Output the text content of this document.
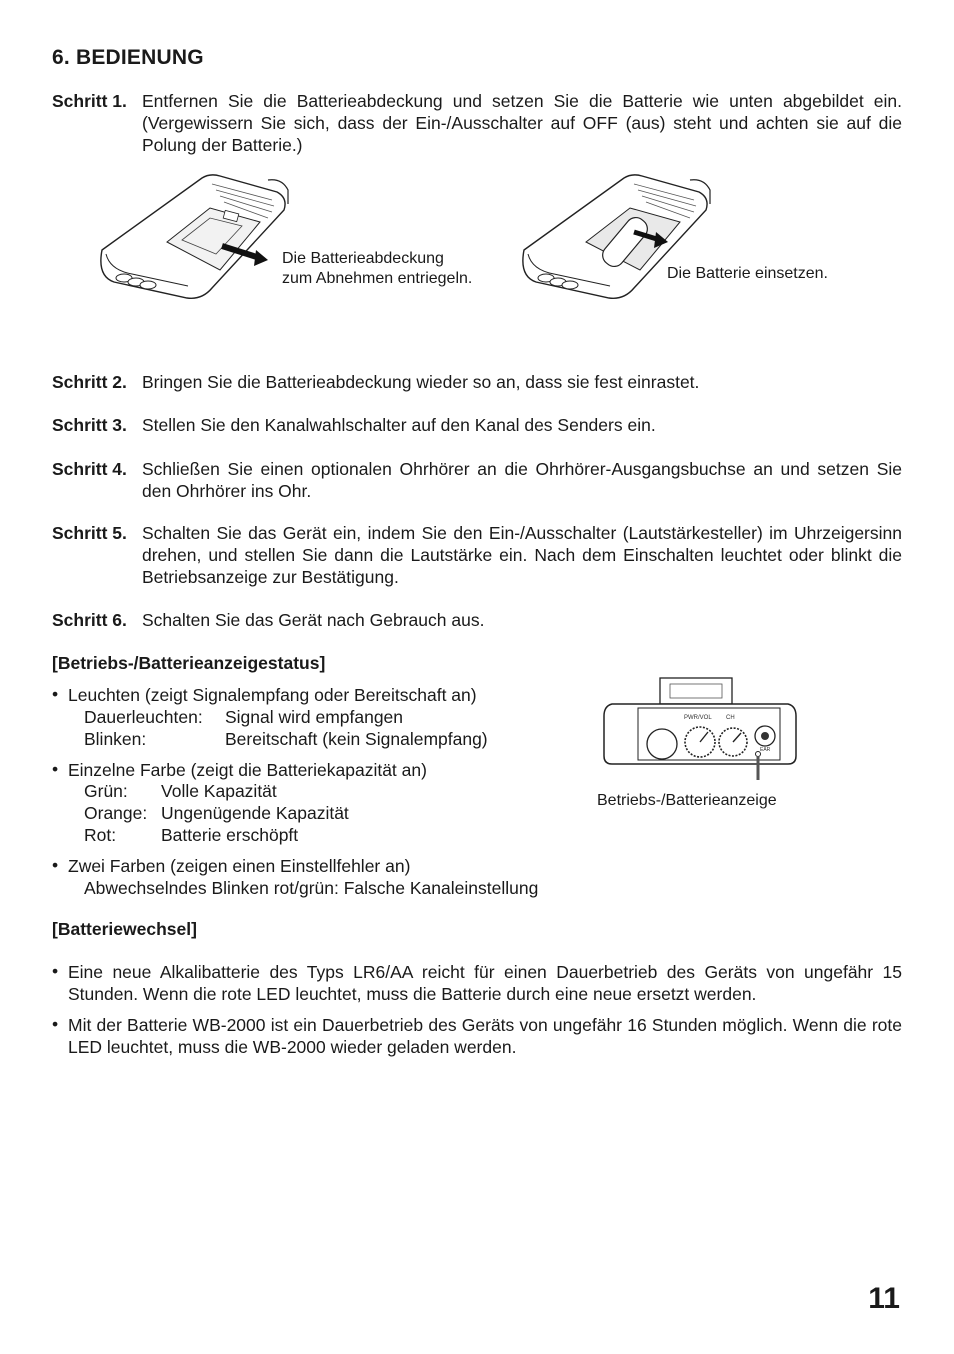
6. BEDIENUNG
Schritt 1. Entfernen Sie die Batterieabdeckung und setzen Sie die Batterie wie unten abgebildet ein. (Vergewissern Sie sich, dass der Ein-/Ausschalter auf OFF (aus) steht und achten sie auf die Polung der Batterie.)
Die Batterieabdeckung
zum Abnehmen entriegeln.	Die Batterie einsetzen.
Schritt 2. Bringen Sie die Batterieabdeckung wieder so an, dass sie fest einrastet.
Schritt 3. Stellen Sie den Kanalwahlschalter auf den Kanal des Senders ein.
Schritt 4. Schließen Sie einen optionalen Ohrhörer an die Ohrhörer-Ausgangsbuchse an und setzen Sie den Ohrhörer ins Ohr.
Schritt 5. Schalten Sie das Gerät ein, indem Sie den Ein-/Ausschalter (Lautstärkesteller) im Uhrzeigersinn drehen, und stellen Sie dann die Lautstärke ein. Nach dem Einschalten leuchtet oder blinkt die Betriebsanzeige zur Bestätigung.
Schritt 6. Schalten Sie das Gerät nach Gebrauch aus.
[Betriebs-/Batterieanzeigestatus]
• Leuchten (zeigt Signalempfang oder Bereitschaft an)
Dauerleuchten: Signal wird empfangen
Blinken:	Bereitschaft (kein Signalempfang)
• Einzelne Farbe (zeigt die Batteriekapazität an)
Grün: Volle Kapazität
Orange: Ungenügende Kapazität
Rot:	Batterie erschöpft
• Zwei Farben (zeigen einen Einstellfehler an)
Abwechselndes Blinken rot/grün: Falsche Kanaleinstellung
PWR/VOL CH
EAR
Betriebs-/Batterieanzeige
[Batteriewechsel]
• Eine neue Alkalibatterie des Typs LR6/AA reicht für einen Dauerbetrieb des Geräts von ungefähr 15 Stunden. Wenn die rote LED leuchtet, muss die Batterie durch eine neue ersetzt werden.
• Mit der Batterie WB-2000 ist ein Dauerbetrieb des Geräts von ungefähr 16 Stunden möglich. Wenn die rote LED leuchtet, muss die WB-2000 wieder geladen werden.
11
